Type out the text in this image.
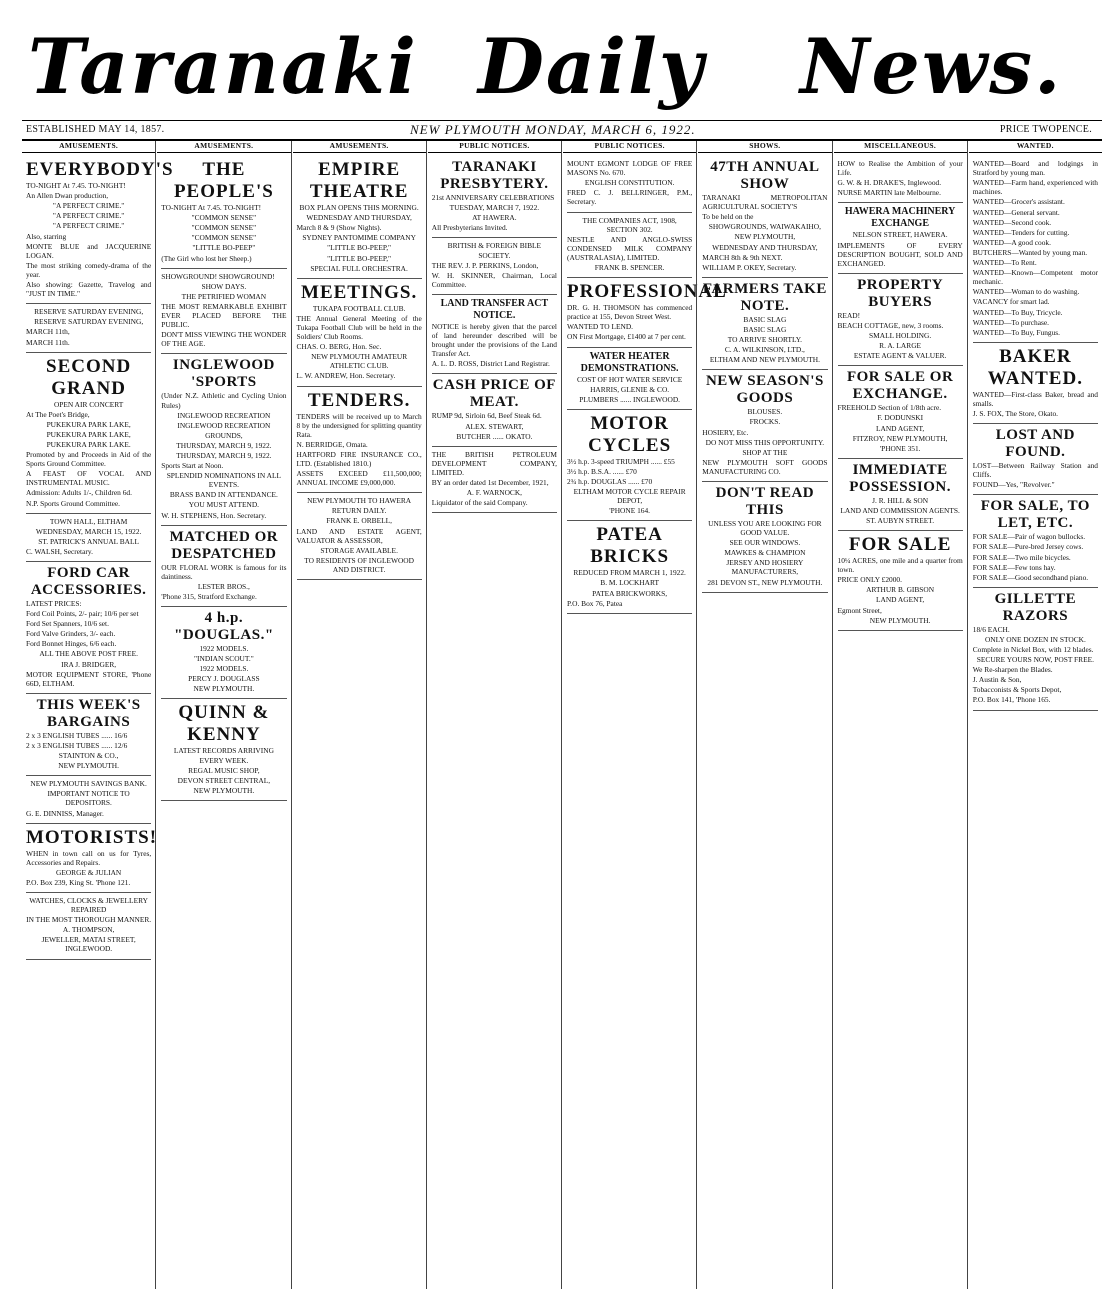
Taranaki Daily News.
ESTABLISHED MAY 14, 1857.	NEW PLYMOUTH MONDAY, MARCH 6, 1922.	PRICE TWOPENCE.
AMUSEMENTS.
EVERYBODY'S

TO-NIGHT At 7.45. TO-NIGHT!

An Allen Dwan production,

"A PERFECT CRIME."

"A PERFECT CRIME."

"A PERFECT CRIME."

Also, starring

MONTE BLUE and JACQUERINE LOGAN.

The most striking comedy-drama of the year.

Also showing: Gazette, Travelog and "JUST IN TIME."

RESERVE SATURDAY EVENING,

RESERVE SATURDAY EVENING,

MARCH 11th,

MARCH 11th.

SECOND GRAND

OPEN AIR CONCERT

At The Poet's Bridge,

PUKEKURA PARK LAKE,

PUKEKURA PARK LAKE,

PUKEKURA PARK LAKE.

Promoted by and Proceeds in Aid of the Sports Ground Committee.

A FEAST OF VOCAL AND INSTRUMENTAL MUSIC.

Admission: Adults 1/-, Children 6d.

N.P. Sports Ground Committee.

TOWN HALL, ELTHAM

WEDNESDAY, MARCH 15, 1922.

ST. PATRICK'S ANNUAL BALL

C. WALSH, Secretary.

FORD CAR ACCESSORIES.

LATEST PRICES:

Ford Coil Points, 2/- pair; 10/6 per set

Ford Set Spanners, 10/6 set.

Ford Valve Grinders, 3/- each.

Ford Bonnet Hinges, 6/6 each.

ALL THE ABOVE POST FREE.

IRA J. BRIDGER,

MOTOR EQUIPMENT STORE, 'Phone 66D, ELTHAM.

THIS WEEK'S BARGAINS

2 x 3 ENGLISH TUBES ...... 16/6

2 x 3 ENGLISH TUBES ...... 12/6

STAINTON & CO.,

NEW PLYMOUTH.

NEW PLYMOUTH SAVINGS BANK.

IMPORTANT NOTICE TO DEPOSITORS.

G. E. DINNISS, Manager.

MOTORISTS!

WHEN in town call on us for Tyres, Accessories and Repairs.

GEORGE & JULIAN

P.O. Box 239, King St. 'Phone 121.

WATCHES, CLOCKS & JEWELLERY REPAIRED

IN THE MOST THOROUGH MANNER.

A. THOMPSON,

JEWELLER, MATAI STREET, INGLEWOOD.

AMUSEMENTS.
THE PEOPLE'S

TO-NIGHT At 7.45. TO-NIGHT!

"COMMON SENSE"

"COMMON SENSE"

"COMMON SENSE"

"LITTLE BO-PEEP"

(The Girl who lost her Sheep.)

SHOWGROUND! SHOWGROUND!

SHOW DAYS.

THE PETRIFIED WOMAN

THE MOST REMARKABLE EXHIBIT EVER PLACED BEFORE THE PUBLIC.

DON'T MISS VIEWING THE WONDER OF THE AGE.

INGLEWOOD 'SPORTS

(Under N.Z. Athletic and Cycling Union Rules)

INGLEWOOD RECREATION

INGLEWOOD RECREATION

GROUNDS,

THURSDAY, MARCH 9, 1922.

THURSDAY, MARCH 9, 1922.

Sports Start at Noon.

SPLENDID NOMINATIONS IN ALL EVENTS.

BRASS BAND IN ATTENDANCE.

YOU MUST ATTEND.

W. H. STEPHENS, Hon. Secretary.

MATCHED OR DESPATCHED

OUR FLORAL WORK is famous for its daintiness.

LESTER BROS.,

'Phone 315, Stratford Exchange.

4 h.p. "DOUGLAS."

1922 MODELS.

"INDIAN SCOUT."

1922 MODELS.

PERCY J. DOUGLASS

NEW PLYMOUTH.

QUINN & KENNY

LATEST RECORDS ARRIVING EVERY WEEK.

REGAL MUSIC SHOP,

DEVON STREET CENTRAL,

NEW PLYMOUTH.

AMUSEMENTS.
EMPIRE THEATRE

BOX PLAN OPENS THIS MORNING.

WEDNESDAY AND THURSDAY,

March 8 & 9 (Show Nights).

SYDNEY PANTOMIME COMPANY

"LITTLE BO-PEEP,"

"LITTLE BO-PEEP,"

SPECIAL FULL ORCHESTRA.

MEETINGS.

TUKAPA FOOTBALL CLUB.

THE Annual General Meeting of the Tukapa Football Club will be held in the Soldiers' Club Rooms.

CHAS. O. BERG, Hon. Sec.

NEW PLYMOUTH AMATEUR ATHLETIC CLUB.

L. W. ANDREW, Hon. Secretary.

TENDERS.

TENDERS will be received up to March 8 by the undersigned for splitting quantity Rata.

N. BERRIDGE, Omata.

HARTFORD FIRE INSURANCE CO., LTD. (Established 1810.)

ASSETS EXCEED £11,500,000; ANNUAL INCOME £9,000,000.

NEW PLYMOUTH TO HAWERA

RETURN DAILY.

FRANK E. ORBELL,

LAND AND ESTATE AGENT, VALUATOR & ASSESSOR,

STORAGE AVAILABLE.

TO RESIDENTS OF INGLEWOOD AND DISTRICT.

PUBLIC NOTICES.
TARANAKI PRESBYTERY.

21st ANNIVERSARY CELEBRATIONS

TUESDAY, MARCH 7, 1922.

AT HAWERA.

All Presbyterians Invited.

BRITISH & FOREIGN BIBLE SOCIETY.

THE REV. J. P. PERKINS, London,

W. H. SKINNER, Chairman, Local Committee.

LAND TRANSFER ACT NOTICE.

NOTICE is hereby given that the parcel of land hereunder described will be brought under the provisions of the Land Transfer Act.

A. L. D. ROSS, District Land Registrar.

CASH PRICE OF MEAT.

RUMP 9d, Sirloin 6d, Beef Steak 6d.

ALEX. STEWART,

BUTCHER ...... OKATO.

THE BRITISH PETROLEUM DEVELOPMENT COMPANY, LIMITED.

BY an order dated 1st December, 1921,

A. F. WARNOCK,

Liquidator of the said Company.

PUBLIC NOTICES.

MOUNT EGMONT LODGE OF FREE MASONS No. 670.

ENGLISH CONSTITUTION.

FRED C. J. BELLRINGER, P.M., Secretary.

THE COMPANIES ACT, 1908, SECTION 302.

NESTLE AND ANGLO-SWISS CONDENSED MILK COMPANY (AUSTRALASIA), LIMITED.

FRANK B. SPENCER.

PROFESSIONAL

DR. G. H. THOMSON has commenced practice at 155, Devon Street West.

WANTED TO LEND.

ON First Mortgage, £1400 at 7 per cent.

WATER HEATER DEMONSTRATIONS.

COST OF HOT WATER SERVICE

HARRIS, GLENIE & CO.

PLUMBERS ...... INGLEWOOD.

MOTOR CYCLES

3½ h.p. 3-speed TRIUMPH ...... £55

3½ h.p. B.S.A. ...... £70

2¾ h.p. DOUGLAS ...... £70

ELTHAM MOTOR CYCLE REPAIR DEPOT,

'PHONE 164.

PATEA BRICKS

REDUCED FROM MARCH 1, 1922.

B. M. LOCKHART

PATEA BRICKWORKS,

P.O. Box 76, Patea

SHOWS.
47TH ANNUAL SHOW

TARANAKI METROPOLITAN AGRICULTURAL SOCIETY'S

To be held on the

SHOWGROUNDS, WAIWAKAIHO,

NEW PLYMOUTH,

WEDNESDAY AND THURSDAY,

MARCH 8th & 9th NEXT.

WILLIAM P. OKEY, Secretary.

FARMERS TAKE NOTE.

BASIC SLAG

BASIC SLAG

TO ARRIVE SHORTLY.

C. A. WILKINSON, LTD.,

ELTHAM AND NEW PLYMOUTH.

NEW SEASON'S GOODS

BLOUSES.

FROCKS.

HOSIERY, Etc.

DO NOT MISS THIS OPPORTUNITY.

SHOP AT THE

NEW PLYMOUTH SOFT GOODS MANUFACTURING CO.

DON'T READ THIS

UNLESS YOU ARE LOOKING FOR GOOD VALUE.

SEE OUR WINDOWS.

MAWKES & CHAMPION

JERSEY AND HOSIERY MANUFACTURERS,

281 DEVON ST., NEW PLYMOUTH.

MISCELLANEOUS.

HOW to Realise the Ambition of your Life.

G. W. & H. DRAKE'S, Inglewood.

NURSE MARTIN late Melbourne.

HAWERA MACHINERY EXCHANGE

NELSON STREET, HAWERA.

IMPLEMENTS OF EVERY DESCRIPTION BOUGHT, SOLD AND EXCHANGED.

PROPERTY BUYERS

READ!

BEACH COTTAGE, new, 3 rooms.

SMALL HOLDING.

R. A. LARGE

ESTATE AGENT & VALUER.

FOR SALE OR EXCHANGE.

FREEHOLD Section of 1/8th acre.

F. DODUNSKI

LAND AGENT,

FITZROY, NEW PLYMOUTH,

'PHONE 351.

IMMEDIATE POSSESSION.

J. R. HILL & SON

LAND AND COMMISSION AGENTS.

ST. AUBYN STREET.

FOR SALE

10¼ ACRES, one mile and a quarter from town.

PRICE ONLY £2000.

ARTHUR B. GIBSON

LAND AGENT,

Egmont Street,

NEW PLYMOUTH.

WANTED.

WANTED—Board and lodgings in Stratford by young man.

WANTED—Farm hand, experienced with machines.

WANTED—Grocer's assistant.

WANTED—General servant.

WANTED—Second cook.

WANTED—Tenders for cutting.

WANTED—A good cook.

BUTCHERS—Wanted by young man.

WANTED—To Rent.

WANTED—Known—Competent motor mechanic.

WANTED—Woman to do washing.

VACANCY for smart lad.

WANTED—To Buy, Tricycle.

WANTED—To purchase.

WANTED—To Buy, Fungus.

BAKER WANTED.

WANTED—First-class Baker, bread and smalls.

J. S. FOX, The Store, Okato.

LOST AND FOUND.

LOST—Between Railway Station and Cliffs.

FOUND—Yes, "Revolver."

FOR SALE, TO LET, ETC.

FOR SALE—Pair of wagon bullocks.

FOR SALE—Pure-bred Jersey cows.

FOR SALE—Two mile bicycles.

FOR SALE—Few tons hay.

FOR SALE—Good secondhand piano.

GILLETTE RAZORS

18/6 EACH.

ONLY ONE DOZEN IN STOCK.

Complete in Nickel Box, with 12 blades.

SECURE YOURS NOW, POST FREE.

We Re-sharpen the Blades.

J. Austin & Son,

Tobacconists & Sports Depot,

P.O. Box 141, 'Phone 165.
